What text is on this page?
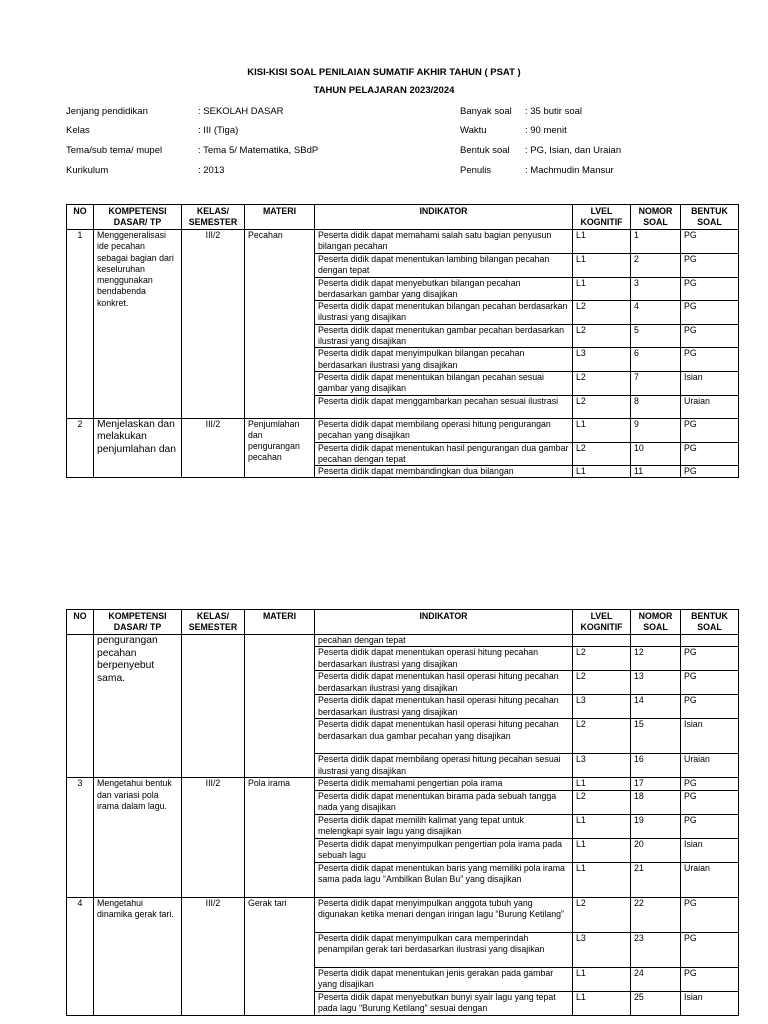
KISI-KISI SOAL PENILAIAN SUMATIF AKHIR TAHUN ( PSAT )
TAHUN PELAJARAN 2023/2024
Jenjang pendidikan	: SEKOLAH DASAR
Kelas	: III (Tiga)
Tema/sub tema/ mupel	: Tema 5/ Matematika, SBdP
Kurikulum	: 2013
Banyak soal : 35 butir soal
Waktu	: 90 menit
Bentuk soal : PG, Isian, dan Uraian
Penulis	: Machmudin Mansur
NO	KOMPETENSI DASAR/ TP	KELAS/ SEMESTER	MATERI	INDIKATOR	LVEL KOGNITIF	NOMOR SOAL	BENTUK SOAL
1	Menggeneralisasi ide pecahan sebagai bagian dari keseluruhan menggunakan bendabenda konkret.	III/2	Pecahan	Peserta didik dapat memahami salah satu bagian penyusun bilangan pecahan	L1	1	PG
				Peserta didik dapat menentukan lambing bilangan pecahan dengan tepat	L1	2	PG
				Peserta didik dapat menyebutkan bilangan pecahan berdasarkan gambar yang disajikan	L1	3	PG
				Peserta didik dapat menentukan bilangan pecahan berdasarkan ilustrasi yang disajikan	L2	4	PG
				Peserta didik dapat menentukan gambar pecahan berdasarkan ilustrasi yang disajikan	L2	5	PG
				Peserta didik dapat menyimpulkan bilangan pecahan berdasarkan ilustrasi yang disajikan	L3	6	PG
				Peserta didik dapat menentukan bilangan pecahan sesuai gambar yang disajikan	L2	7	Isian
				Peserta didik dapat menggambarkan pecahan sesuai ilustrasi	L2	8	Uraian
2	Menjelaskan dan melakukan penjumlahan dan	III/2	Penjumlahan dan pengurangan pecahan	Peserta didik dapat membilang operasi hitung pengurangan pecahan yang disajikan	L1	9	PG
				Peserta didik dapat menentukan hasil pengurangan dua gambar pecahan dengan tepat	L2	10	PG
				Peserta didik dapat membandingkan dua bilangan	L1	11	PG
NO	KOMPETENSI DASAR/ TP	KELAS/ SEMESTER	MATERI	INDIKATOR	LVEL KOGNITIF	NOMOR SOAL	BENTUK SOAL
	pengurangan pecahan berpenyebut sama.			pecahan dengan tepat			
				Peserta didik dapat menentukan operasi hitung pecahan berdasarkan ilustrasi yang disajikan	L2	12	PG
				Peserta didik dapat menentukan hasil operasi hitung pecahan berdasarkan ilustrasi yang disajikan	L2	13	PG
				Peserta didik dapat menentukan hasil operasi hitung pecahan berdasarkan ilustrasi yang disajikan	L3	14	PG
				Peserta didik dapat menentukan hasil operasi hitung pecahan berdasarkan dua gambar pecahan yang disajikan	L2	15	Isian
				Peserta didik dapat membilang operasi hitung pecahan sesuai ilustrasi yang disajikan	L3	16	Uraian
3	Mengetahui bentuk dan variasi pola irama dalam lagu.	III/2	Pola irama	Peserta didik memahami pengertian pola irama	L1	17	PG
				Peserta didik dapat menentukan birama pada sebuah tangga nada yang disajikan	L2	18	PG
				Peserta didik dapat memilih kalimat yang tepat untuk melengkapi syair lagu yang disajikan	L1	19	PG
				Peserta didik dapat menyimpulkan pengertian pola irama pada sebuah lagu	L1	20	Isian
				Peserta didik dapat menentukan baris yang memiliki pola irama sama pada lagu “Ambilkan Bulan Bu” yang disajikan	L1	21	Uraian
4	Mengetahui dinamika gerak tari.	III/2	Gerak tari	Peserta didik dapat menyimpulkan anggota tubuh yang digunakan ketika menari dengan iringan lagu “Burung Ketilang”	L2	22	PG
				Peserta didik dapat menyimpulkan cara memperindah penampilan gerak tari berdasarkan ilustrasi yang disajikan	L3	23	PG
				Peserta didik dapat menentukan jenis gerakan pada gambar yang disajikan	L1	24	PG
				Peserta didik dapat menyebutkan bunyi syair lagu yang tepat pada lagu “Burung Ketilang” sesuai dengan	L1	25	Isian
